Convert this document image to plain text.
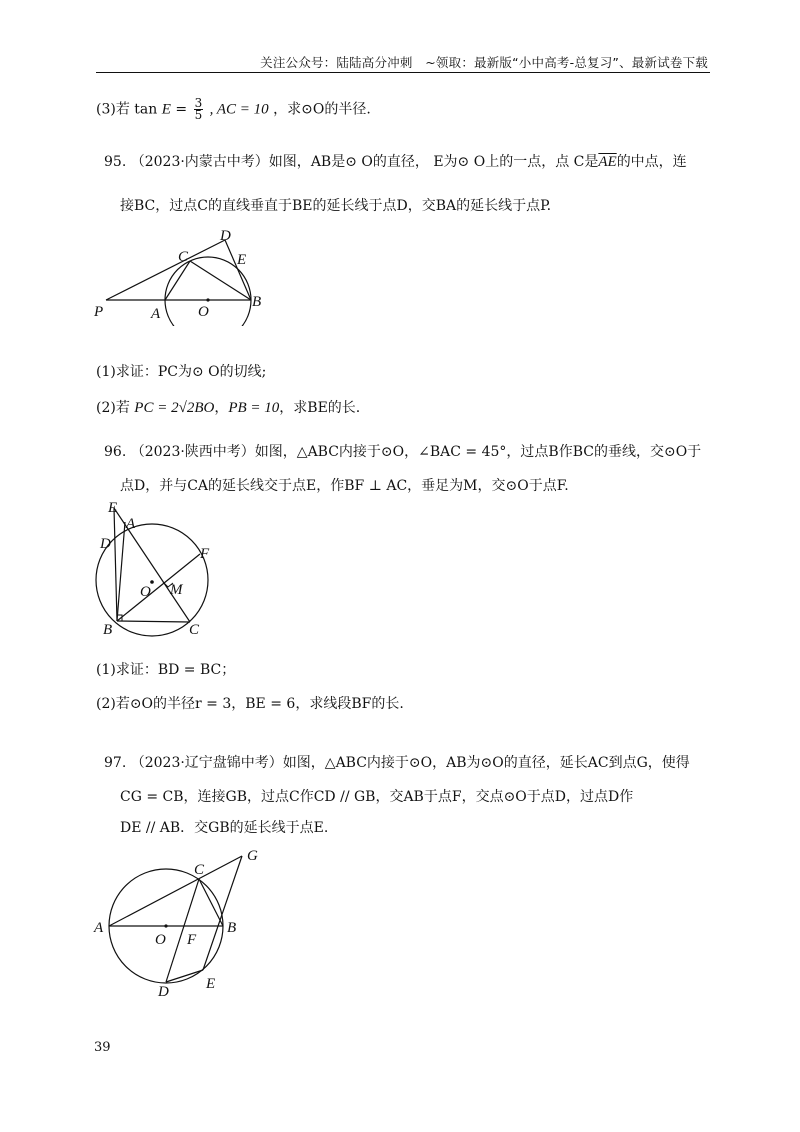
关注公众号：陆陆高分冲刺　~领取：最新版“小中高考-总复习”、最新试卷下载
(3)若 $\tan E = \frac{3}{5}$ , AC = 10 ，求⊙O的半径.
95. （2023·内蒙古中考）如图，AB是⊙ O的直径， E为⊙ O上的一点，点 C是$\overline{AE}$的中点，连
接BC，过点C的直线垂直于BE的延长线于点D，交BA的延长线于点P.
D
C	E
P	A	O
B
(1)求证：PC为⊙ O的切线;
(2)若 PC = 2√2BO，PB = 10，求BE的长.
96. （2023·陕西中考）如图，△ABC内接于⊙O，∠BAC = 45°，过点B作BC的垂线，交⊙O于
点D，并与CA的延长线交于点E，作BF ⊥ AC，垂足为M，交⊙O于点F.
E
A
D
F
O M
B	C
(1)求证：BD = BC；
(2)若⊙O的半径r = 3，BE = 6，求线段BF的长.
97. （2023·辽宁盘锦中考）如图，△ABC内接于⊙O，AB为⊙O的直径，延长AC到点G，使得
CG = CB，连接GB，过点C作CD // GB，交AB于点F，交点⊙O于点D，过点D作
DE // AB．交GB的延长线于点E.
G
C
A
O F
B
D E
39
